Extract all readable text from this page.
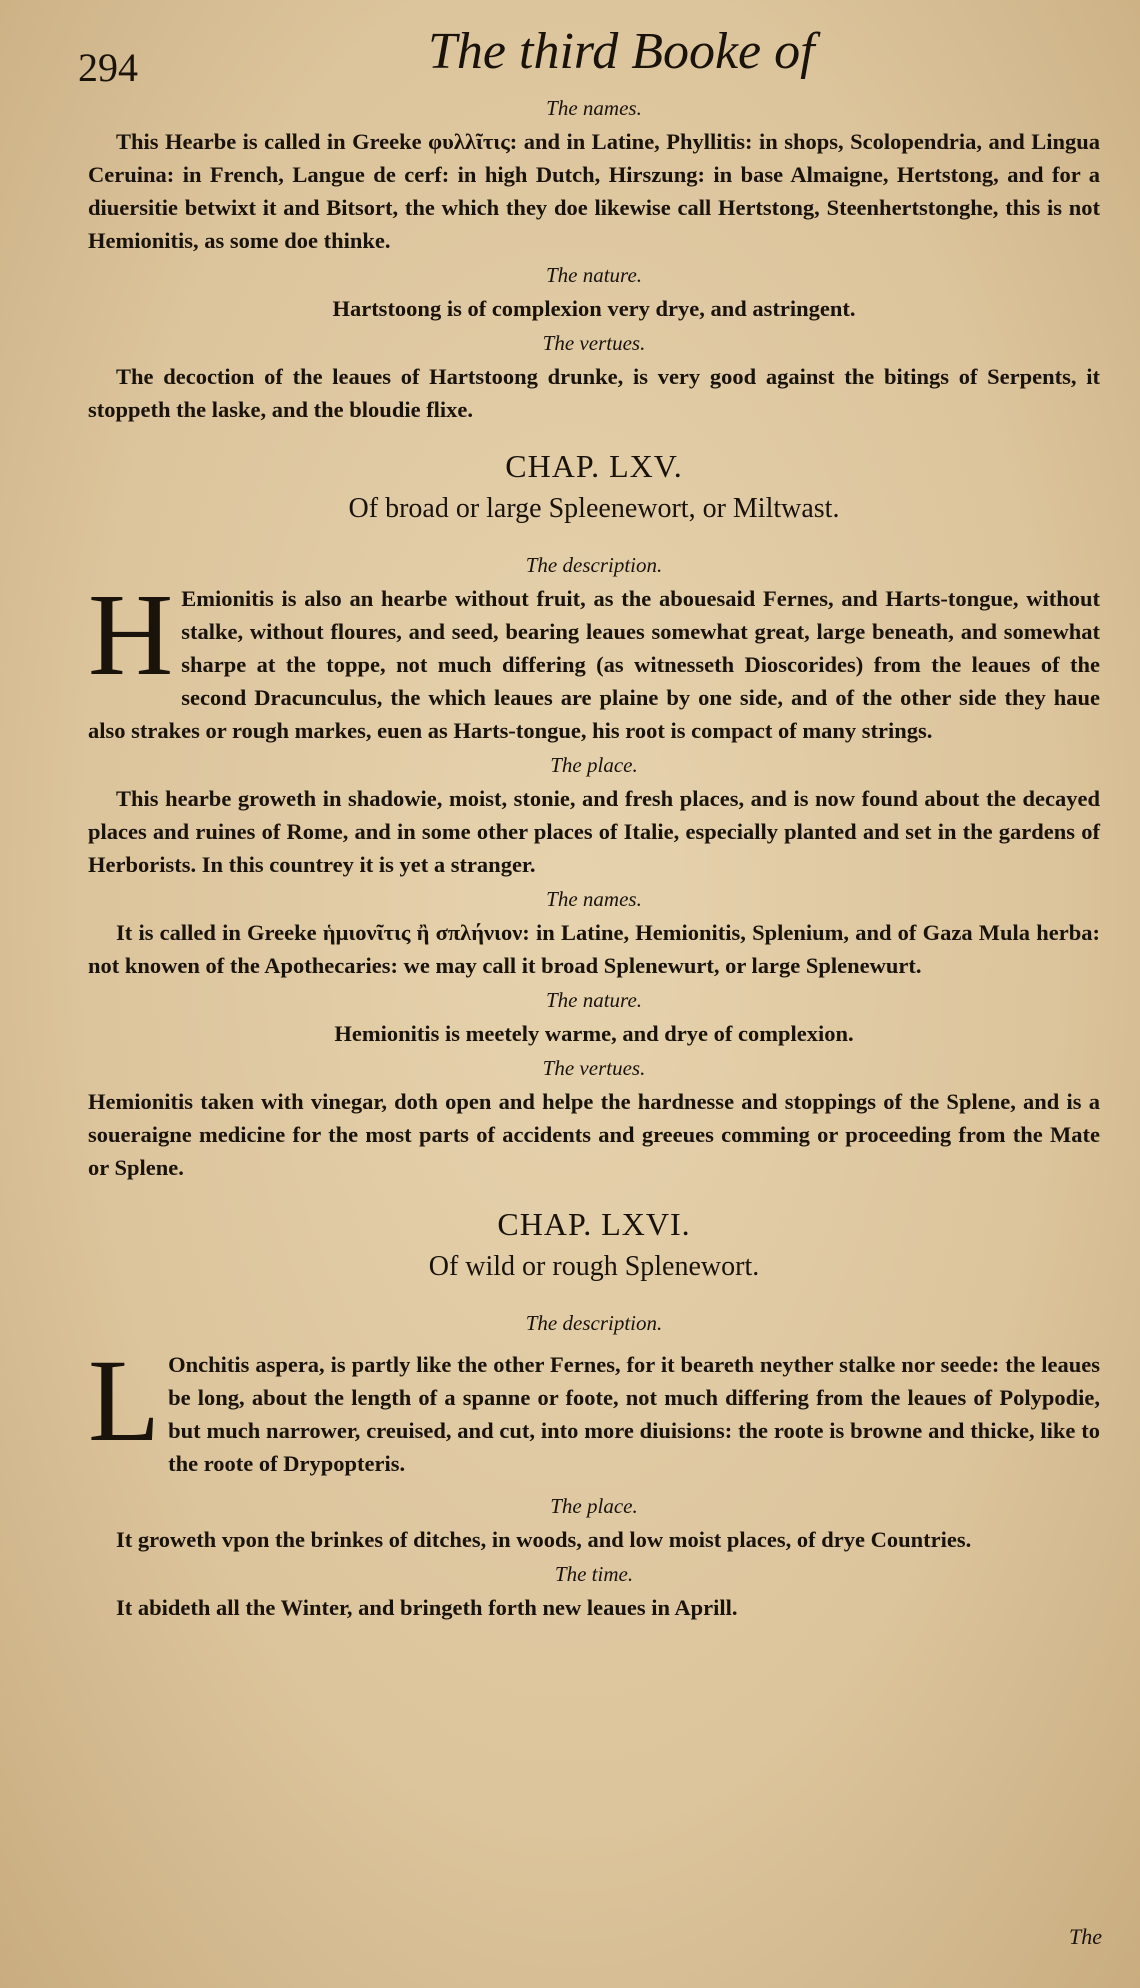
294	The third Booke of
The names.

This Hearbe is called in Greeke φυλλῖτις: and in Latine, Phyllitis: in shops, Scolopendria, and Lingua Ceruina: in French, Langue de cerf: in high Dutch, Hirszung: in base Almaigne, Hertstong, and for a diuersitie betwixt it and Bitsort, the which they doe likewise call Hertstong, Steenhertstonghe, this is not Hemionitis, as some doe thinke.

The nature.

Hartstoong is of complexion very drye, and astringent.

The vertues.

The decoction of the leaues of Hartstoong drunke, is very good against the bitings of Serpents, it stoppeth the laske, and the bloudie flixe.

CHAP. LXV.
Of broad or large Spleenewort, or Miltwast.
The description.
H Emionitis is also an hearbe without fruit, as the abouesaid Fernes, and Harts-tongue, without stalke, without floures, and seed, bearing leaues somewhat great, large beneath, and somewhat sharpe at the toppe, not much differing (as witnesseth Dioscorides) from the leaues of the second Dracunculus, the which leaues are plaine by one side, and of the other side they haue also strakes or rough markes, euen as Harts-tongue, his root is compact of many strings.
The place.

This hearbe groweth in shadowie, moist, stonie, and fresh places, and is now found about the decayed places and ruines of Rome, and in some other places of Italie, especially planted and set in the gardens of Herborists. In this countrey it is yet a stranger.

The names.

It is called in Greeke ἡμιονῖτις ἢ σπλήνιον: in Latine, Hemionitis, Splenium, and of Gaza Mula herba: not knowen of the Apothecaries: we may call it broad Splenewurt, or large Splenewurt.

The nature.

Hemionitis is meetely warme, and drye of complexion.

The vertues.

Hemionitis taken with vinegar, doth open and helpe the hardnesse and stoppings of the Splene, and is a soueraigne medicine for the most parts of accidents and greeues comming or proceeding from the Mate or Splene.

CHAP. LXVI.
Of wild or rough Splenewort.
The description.
L Onchitis aspera, is partly like the other Fernes, for it beareth neyther stalke nor seede: the leaues be long, about the length of a spanne or foote, not much differing from the leaues of Polypodie, but much narrower, creuised, and cut, into more diuisions: the roote is browne and thicke, like to the roote of Drypopteris.
The place.

It groweth vpon the brinkes of ditches, in woods, and low moist places, of drye Countries.

The time.

It abideth all the Winter, and bringeth forth new leaues in Aprill.

The
